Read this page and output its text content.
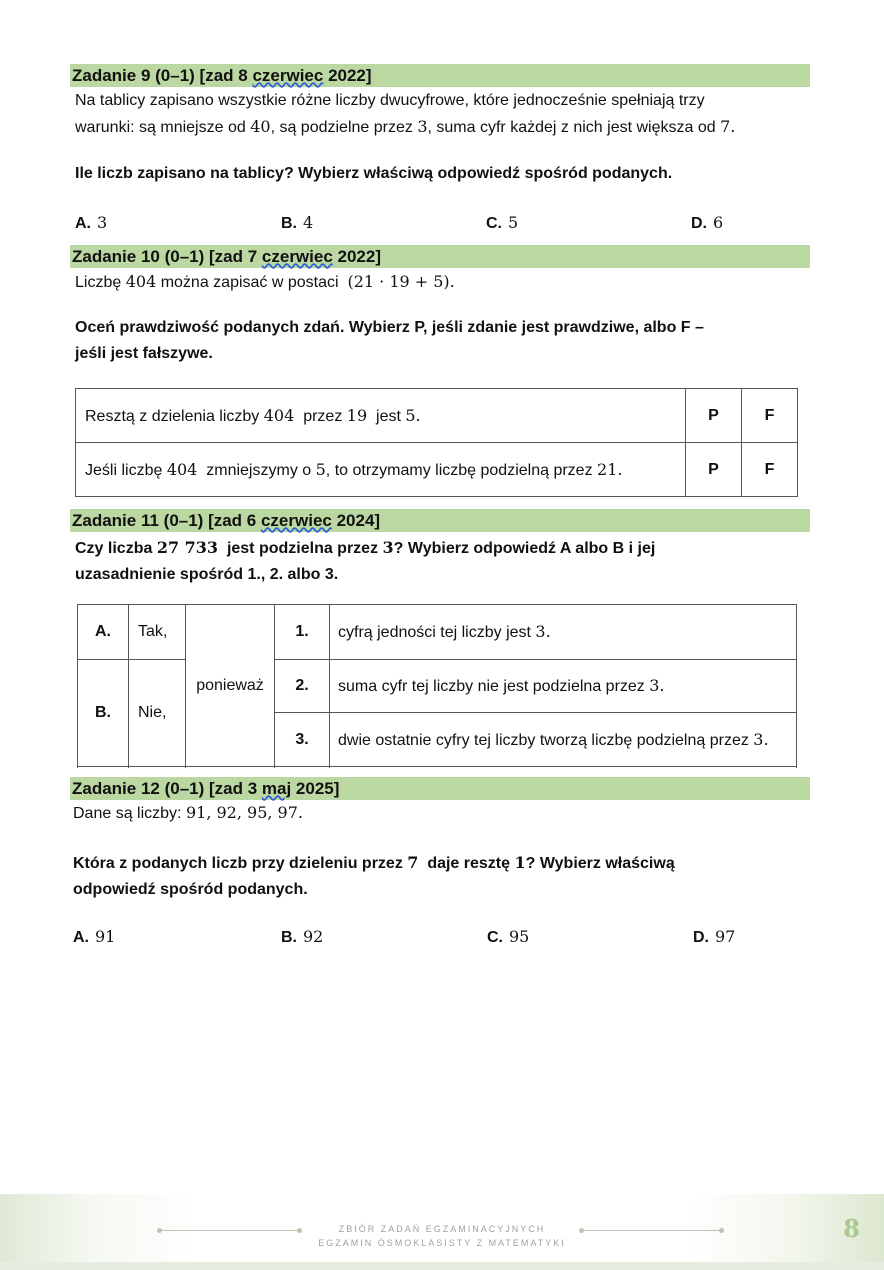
Zadanie 9 (0–1) [zad 8 czerwiec 2022]
Na tablicy zapisano wszystkie różne liczby dwucyfrowe, które jednocześnie spełniają trzy
warunki: są mniejsze od 40, są podzielne przez 3, suma cyfr każdej z nich jest większa od 7.
Ile liczb zapisano na tablicy? Wybierz właściwą odpowiedź spośród podanych.
A. 3	B. 4	C. 5	D. 6
Zadanie 10 (0–1) [zad 7 czerwiec 2022]
Liczbę 404 można zapisać w postaci (21 · 19 + 5).
Oceń prawdziwość podanych zdań. Wybierz P, jeśli zdanie jest prawdziwe, albo F –
jeśli jest fałszywe.
Resztą z dzielenia liczby 404 przez 19 jest 5.	P	F
Jeśli liczbę 404 zmniejszymy o 5, to otrzymamy liczbę podzielną przez 21.	P	F
Zadanie 11 (0–1) [zad 6 czerwiec 2024]
Czy liczba 27 733 jest podzielna przez 3? Wybierz odpowiedź A albo B i jej
uzasadnienie spośród 1., 2. albo 3.
A.	Tak,	ponieważ	1.	cyfrą jedności tej liczby jest 3.

B.	Nie,		2.	suma cyfr tej liczby nie jest podzielna przez 3.

			3.	dwie ostatnie cyfry tej liczby tworzą liczbę podzielną przez 3.

Zadanie 12 (0–1) [zad 3 maj 2025]
Dane są liczby: 91, 92, 95, 97.
Która z podanych liczb przy dzieleniu przez 7 daje resztę 1? Wybierz właściwą
odpowiedź spośród podanych.
A. 91	B. 92	C. 95	D. 97
ZBIÓR ZADAŃ EGZAMINACYJNYCH
EGZAMIN ÓSMOKLASISTY Z MATEMATYKI	8
